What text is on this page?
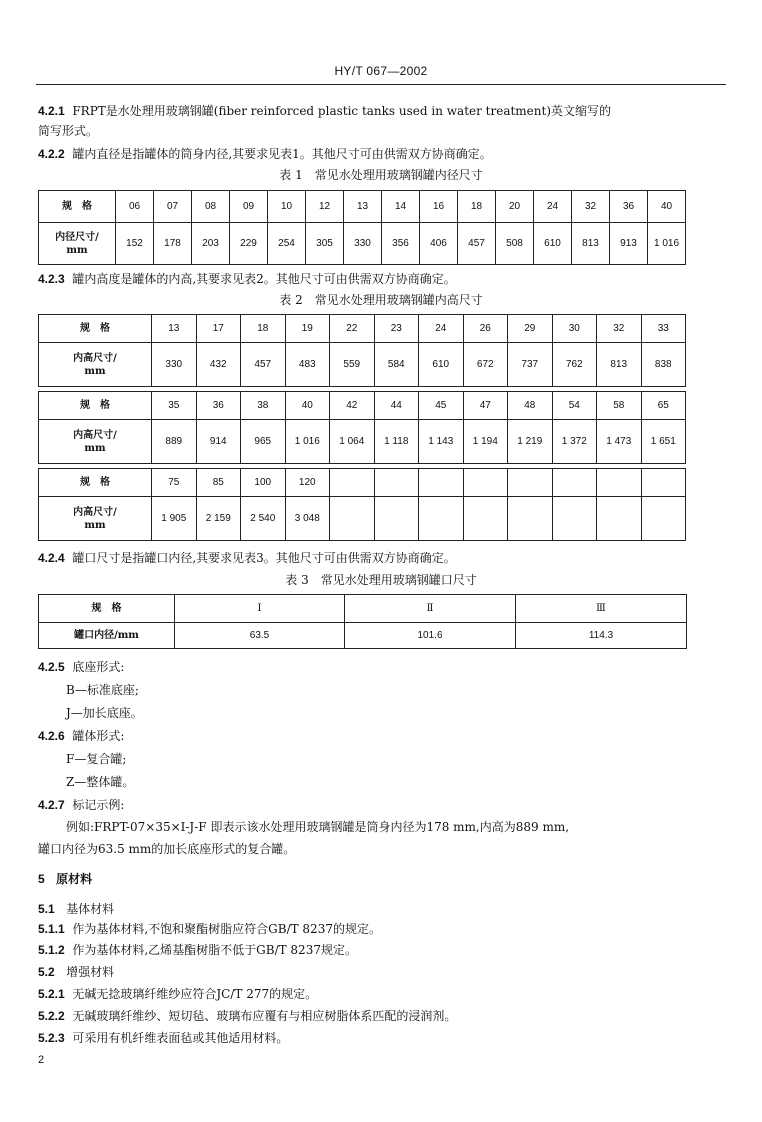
HY/T 067—2002
4.2.1 FRPT是水处理用玻璃钢罐(fiber reinforced plastic tanks used in water treatment)英文缩写的
简写形式。
4.2.2 罐内直径是指罐体的筒身内径,其要求见表1。其他尺寸可由供需双方协商确定。
表 1　常见水处理用玻璃钢罐内径尺寸
规　格	06	07	08	09	10	12	13	14	16	18	20	24	32	36	40
内径尺寸/
mm	152	178	203	229	254	305	330	356	406	457	508	610	813	913	1 016
4.2.3 罐内高度是罐体的内高,其要求见表2。其他尺寸可由供需双方协商确定。
表 2　常见水处理用玻璃钢罐内高尺寸
规　格	13	17	18	19	22	23	24	26	29	30	32	33
内高尺寸/
mm	330	432	457	483	559	584	610	672	737	762	813	838

规　格	35	36	38	40	42	44	45	47	48	54	58	65
内高尺寸/
mm	889	914	965	1 016	1 064	1 118	1 143	1 194	1 219	1 372	1 473	1 651

规　格	75	85	100	120								
内高尺寸/
mm	1 905	2 159	2 540	3 048								
4.2.4 罐口尺寸是指罐口内径,其要求见表3。其他尺寸可由供需双方协商确定。
表 3　常见水处理用玻璃钢罐口尺寸
规　格	Ⅰ	Ⅱ	Ⅲ
罐口内径/mm	63.5	101.6	114.3
4.2.5 底座形式:
B—标准底座;
J—加长底座。
4.2.6 罐体形式:
F—复合罐;
Z—整体罐。
4.2.7 标记示例:
例如:FRPT-07×35×Ⅰ-J-F 即表示该水处理用玻璃钢罐是筒身内径为178 mm,内高为889 mm,
罐口内径为63.5 mm的加长底座形式的复合罐。
5 原材料
5.1 基体材料
5.1.1 作为基体材料,不饱和聚酯树脂应符合GB/T 8237的规定。
5.1.2 作为基体材料,乙烯基酯树脂不低于GB/T 8237规定。
5.2 增强材料
5.2.1 无碱无捻玻璃纤维纱应符合JC/T 277的规定。
5.2.2 无碱玻璃纤维纱、短切毡、玻璃布应覆有与相应树脂体系匹配的浸润剂。
5.2.3 可采用有机纤维表面毡或其他适用材料。
2
